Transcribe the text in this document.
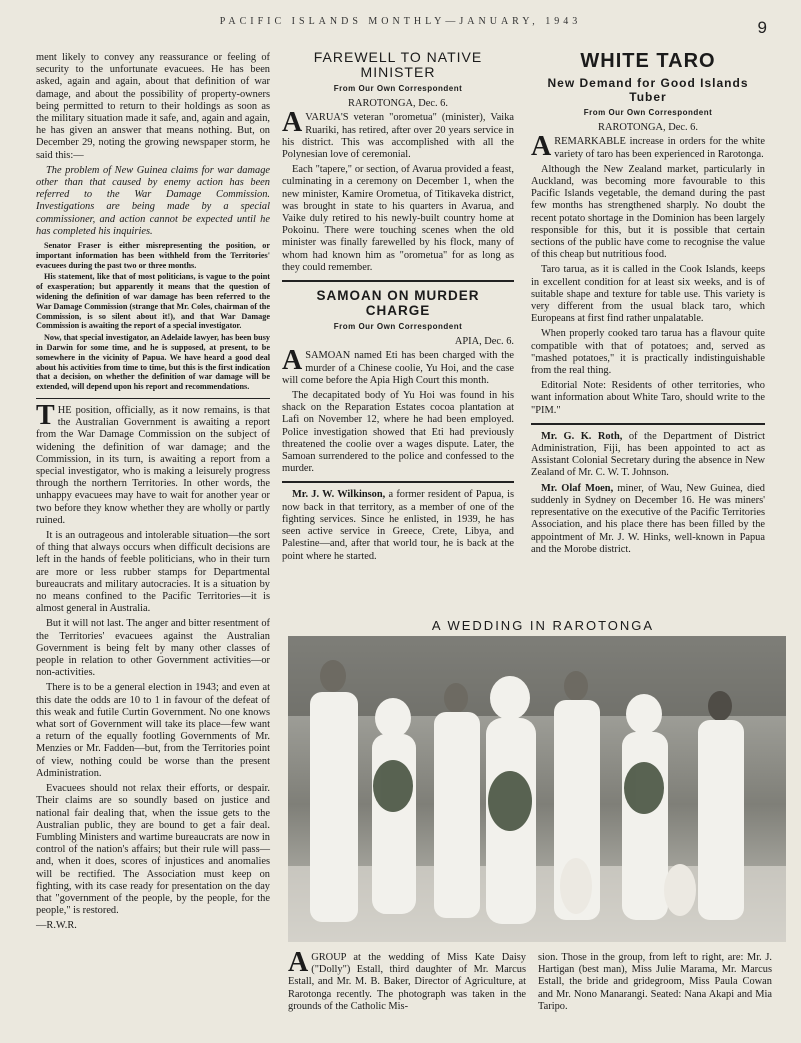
PACIFIC ISLANDS MONTHLY—JANUARY, 1943	9

ment likely to convey any reassurance or feeling of security to the unfortunate evacuees. He has been asked, again and again, about that definition of war damage, and about the possibility of property-owners being permitted to return to their holdings as soon as the military situation made it safe, and, again and again, he has given an answer that means nothing. But, on December 29, noting the growing newspaper storm, he said this:—

The problem of New Guinea claims for war damage other than that caused by enemy action has been referred to the War Damage Commission. Investigations are being made by a special commissioner, and action cannot be expected until he has completed his inquiries.

Senator Fraser is either misrepresenting the position, or important information has been withheld from the Territories' evacuees during the past two or three months.

His statement, like that of most politicians, is vague to the point of exasperation; but apparently it means that the question of widening the definition of war damage has been referred to the War Damage Commission (strange that Mr. Coles, chairman of the Commission, is so silent about it!), and that War Damage Commission is awaiting the report of a special investigator.

Now, that special investigator, an Adelaide lawyer, has been busy in Darwin for some time, and he is supposed, at present, to be somewhere in the vicinity of Papua. We have heard a good deal about his activities from time to time, but this is the first indication that a decision, on whether the definition of war damage will be extended, will depend upon his report and recommendations.

THE position, officially, as it now remains, is that the Australian Government is awaiting a report from the War Damage Commission on the subject of widening the definition of war damage; and the Commission, in its turn, is awaiting a report from a special investigator, who is making a leisurely progress through the northern Territories. In other words, the unhappy evacuees may have to wait for another year or two before they know whether they are wholly or partly ruined.

It is an outrageous and intolerable situation—the sort of thing that always occurs when difficult decisions are left in the hands of feeble politicians, who in their turn are more or less rubber stamps for Departmental bureaucrats and military autocracies. It is a situation by no means confined to the Pacific Territories—it is almost general in Australia.

But it will not last. The anger and bitter resentment of the Territories' evacuees against the Australian Government is being felt by many other classes of people in relation to other Government activities—or non-activities.

There is to be a general election in 1943; and even at this date the odds are 10 to 1 in favour of the defeat of this weak and futile Curtin Government. No one knows what sort of Government will take its place—few want a return of the equally footling Governments of Mr. Menzies or Mr. Fadden—but, from the Territories point of view, nothing could be worse than the present Administration.

Evacuees should not relax their efforts, or despair. Their claims are so soundly based on justice and national fair dealing that, when the issue gets to the Australian public, they are bound to get a fair deal. Fumbling Ministers and wartime bureaucrats are now in control of the nation's affairs; but their rule will pass—and, when it does, scores of injustices and anomalies will be rectified. The Association must keep on fighting, with its case ready for presentation on the day that "government of the people, by the people, for the people," is restored.

—R.W.R.

FAREWELL TO NATIVE MINISTER
From Our Own Correspondent
RAROTONGA, Dec. 6.

AVARUA'S veteran "orometua" (minister), Vaika Ruariki, has retired, after over 20 years service in his district. This was accomplished with all the Polynesian love of ceremonial.

Each "tapere," or section, of Avarua provided a feast, culminating in a ceremony on December 1, when the new minister, Kamire Orometua, of Titikaveka district, was brought in state to his quarters in Avarua, and Vaike duly retired to his newly-built country home at Pokoinu. There were touching scenes when the old minister was finally farewelled by his flock, many of whom had known him as "orometua" for as long as they could remember.

SAMOAN ON MURDER CHARGE
From Our Own Correspondent
APIA, Dec. 6.

ASAMOAN named Eti has been charged with the murder of a Chinese coolie, Yu Hoi, and the case will come before the Apia High Court this month.

The decapitated body of Yu Hoi was found in his shack on the Reparation Estates cocoa plantation at Lafi on November 12, where he had been employed. Police investigation showed that Eti had previously threatened the coolie over a wages dispute. Later, the Samoan surrendered to the police and confessed to the murder.

Mr. J. W. Wilkinson, a former resident of Papua, is now back in that territory, as a member of one of the fighting services. Since he enlisted, in 1939, he has seen active service in Greece, Crete, Libya, and Palestine—and, after that world tour, he is back at the point where he started.

WHITE TARO
New Demand for Good Islands Tuber
From Our Own Correspondent
RAROTONGA, Dec. 6.

AREMARKABLE increase in orders for the white variety of taro has been experienced in Rarotonga.

Although the New Zealand market, particularly in Auckland, was becoming more favourable to this Pacific Islands vegetable, the demand during the past few months has strengthened sharply. No doubt the recent potato shortage in the Dominion has been largely responsible for this, but it is possible that certain sections of the public have come to recognise the value of this cheap but nutritious food.

Taro tarua, as it is called in the Cook Islands, keeps in excellent condition for at least six weeks, and is of suitable shape and texture for table use. This variety is very different from the usual black taro, which Europeans at first find rather unpalatable.

When properly cooked taro tarua has a flavour quite compatible with that of potatoes; and, served as "mashed potatoes," it is practically indistinguishable from the real thing.

Editorial Note: Residents of other territories, who want information about White Taro, should write to the "PIM."

Mr. G. K. Roth, of the Department of District Administration, Fiji, has been appointed to act as Assistant Colonial Secretary during the absence in New Zealand of Mr. C. W. T. Johnson.

Mr. Olaf Moen, miner, of Wau, New Guinea, died suddenly in Sydney on December 16. He was miners' representative on the executive of the Pacific Territories Association, and his place there has been filled by the appointment of Mr. J. W. Hinks, well-known in Papua and the Morobe district.

A WEDDING IN RAROTONGA

AGROUP at the wedding of Miss Kate Daisy ("Dolly") Estall, third daughter of Mr. Marcus Estall, and Mr. M. B. Baker, Director of Agriculture, at Rarotonga recently. The photograph was taken in the grounds of the Catholic Mis-

sion. Those in the group, from left to right, are: Mr. J. Hartigan (best man), Miss Julie Marama, Mr. Marcus Estall, the bride and gridegroom, Miss Paula Cowan and Mr. Nono Manarangi. Seated: Nana Akapi and Mia Taripo.
